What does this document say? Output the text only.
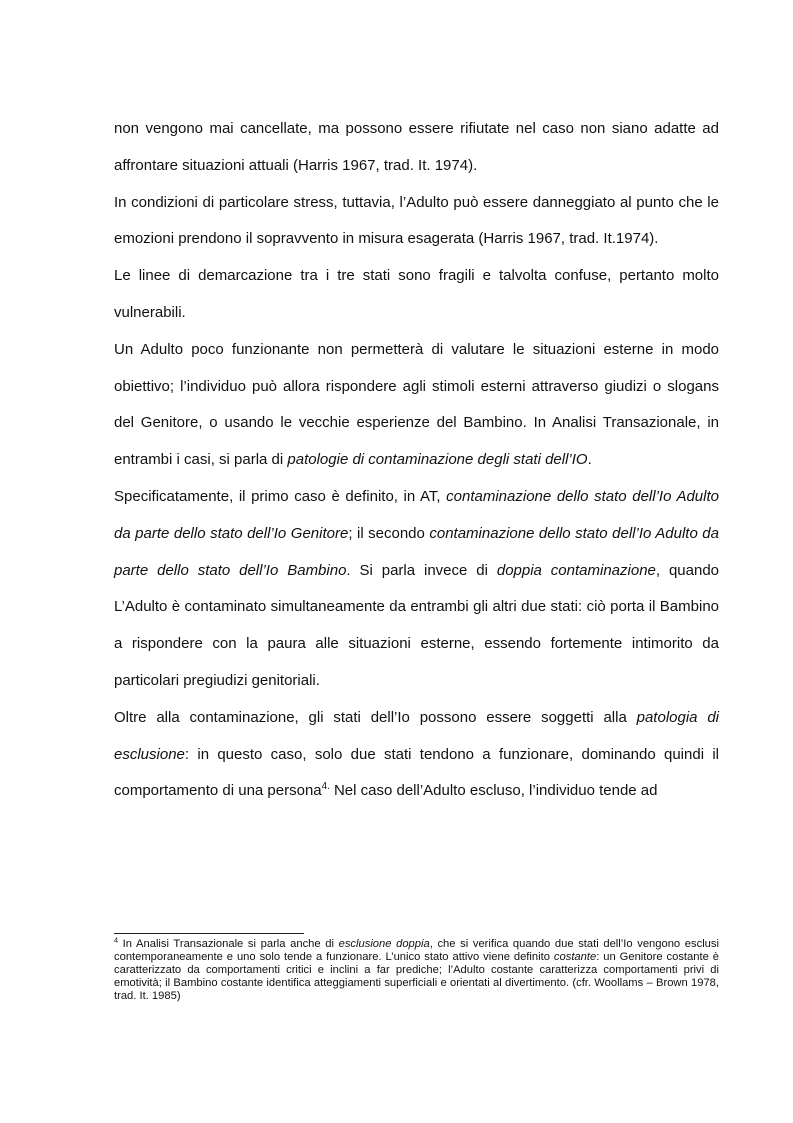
non vengono mai cancellate, ma possono essere rifiutate nel caso non siano adatte ad affrontare situazioni attuali (Harris 1967, trad. It. 1974).

In condizioni di particolare stress, tuttavia, l’Adulto può essere danneggiato al punto che le emozioni prendono il sopravvento in misura esagerata (Harris 1967, trad. It.1974).

Le linee di demarcazione tra i tre stati sono fragili e talvolta confuse, pertanto molto vulnerabili.

Un Adulto poco funzionante non permetterà di valutare le situazioni esterne in modo obiettivo; l’individuo può allora rispondere agli stimoli esterni attraverso giudizi o slogans del Genitore, o usando le vecchie esperienze del Bambino. In Analisi Transazionale, in entrambi i casi, si parla di patologie di contaminazione degli stati dell’IO.

Specificatamente, il primo caso è definito, in AT, contaminazione dello stato dell’Io Adulto da parte dello stato dell’Io Genitore; il secondo contaminazione dello stato dell’Io Adulto da parte dello stato dell’Io Bambino. Si parla invece di doppia contaminazione, quando L’Adulto è contaminato simultaneamente da entrambi gli altri due stati: ciò porta il Bambino a rispondere con la paura alle situazioni esterne, essendo fortemente intimorito da particolari pregiudizi genitoriali.

Oltre alla contaminazione, gli stati dell’Io possono essere soggetti alla patologia di esclusione: in questo caso, solo due stati tendono a funzionare, dominando quindi il comportamento di una persona$^{4.}$ Nel caso dell’Adulto escluso, l’individuo tende ad

$^4$ In Analisi Transazionale si parla anche di esclusione doppia, che si verifica quando due stati dell’Io vengono esclusi contemporaneamente e uno solo tende a funzionare. L’unico stato attivo viene definito costante: un Genitore costante è caratterizzato da comportamenti critici e inclini a far prediche; l’Adulto costante caratterizza comportamenti privi di emotività; il Bambino costante identifica atteggiamenti superficiali e orientati al divertimento. (cfr. Woollams – Brown 1978, trad. It. 1985)
